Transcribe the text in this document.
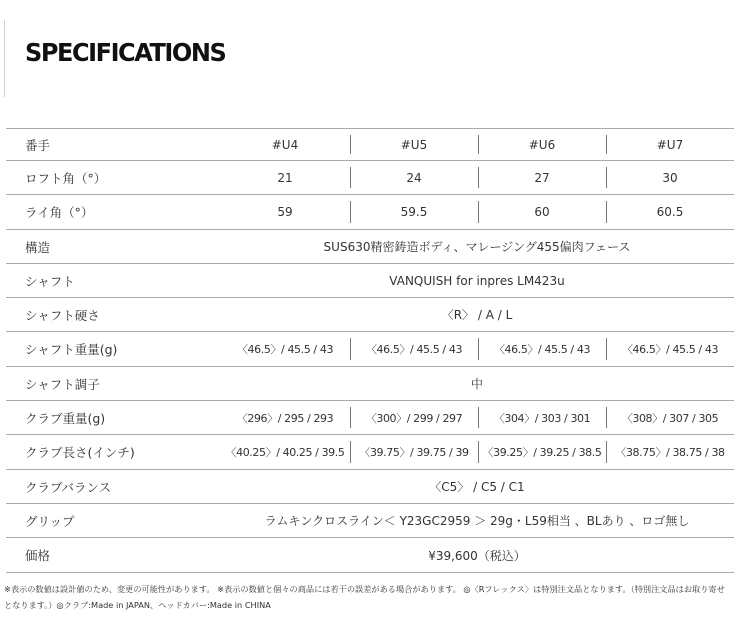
SPECIFICATIONS
番手	#U4	#U5	#U6	#U7
ロフト角（°）	21	24	27	30
ライ角（°）	59	59.5	60	60.5
構造	SUS630精密鋳造ボディ、マレージング455偏肉フェース			
シャフト	VANQUISH for inpres LM423u			
シャフト硬さ	〈R〉 / A / L			
シャフト重量(g)	〈46.5〉/ 45.5 / 43	〈46.5〉/ 45.5 / 43	〈46.5〉/ 45.5 / 43	〈46.5〉/ 45.5 / 43
シャフト調子	中			
クラブ重量(g)	〈296〉/ 295 / 293	〈300〉/ 299 / 297	〈304〉/ 303 / 301	〈308〉/ 307 / 305
クラブ長さ(インチ)	〈40.25〉/ 40.25 / 39.5	〈39.75〉/ 39.75 / 39	〈39.25〉/ 39.25 / 38.5	〈38.75〉/ 38.75 / 38
クラブバランス	〈C5〉 / C5 / C1			
グリップ	ラムキンクロスライン＜ Y23GC2959 ＞ 29g・L59相当 、BLあり 、ロゴ無し			
価格	¥39,600（税込）			
※表示の数値は設計値のため、変更の可能性があります。 ※表示の数値と個々の商品には若干の誤差がある場合があります。 ◎〈Rフレックス〉は特別注文品となります。（特別注文品はお取り寄せ
となります。）◎クラブ:Made in JAPAN、ヘッドカバー:Made in CHINA
